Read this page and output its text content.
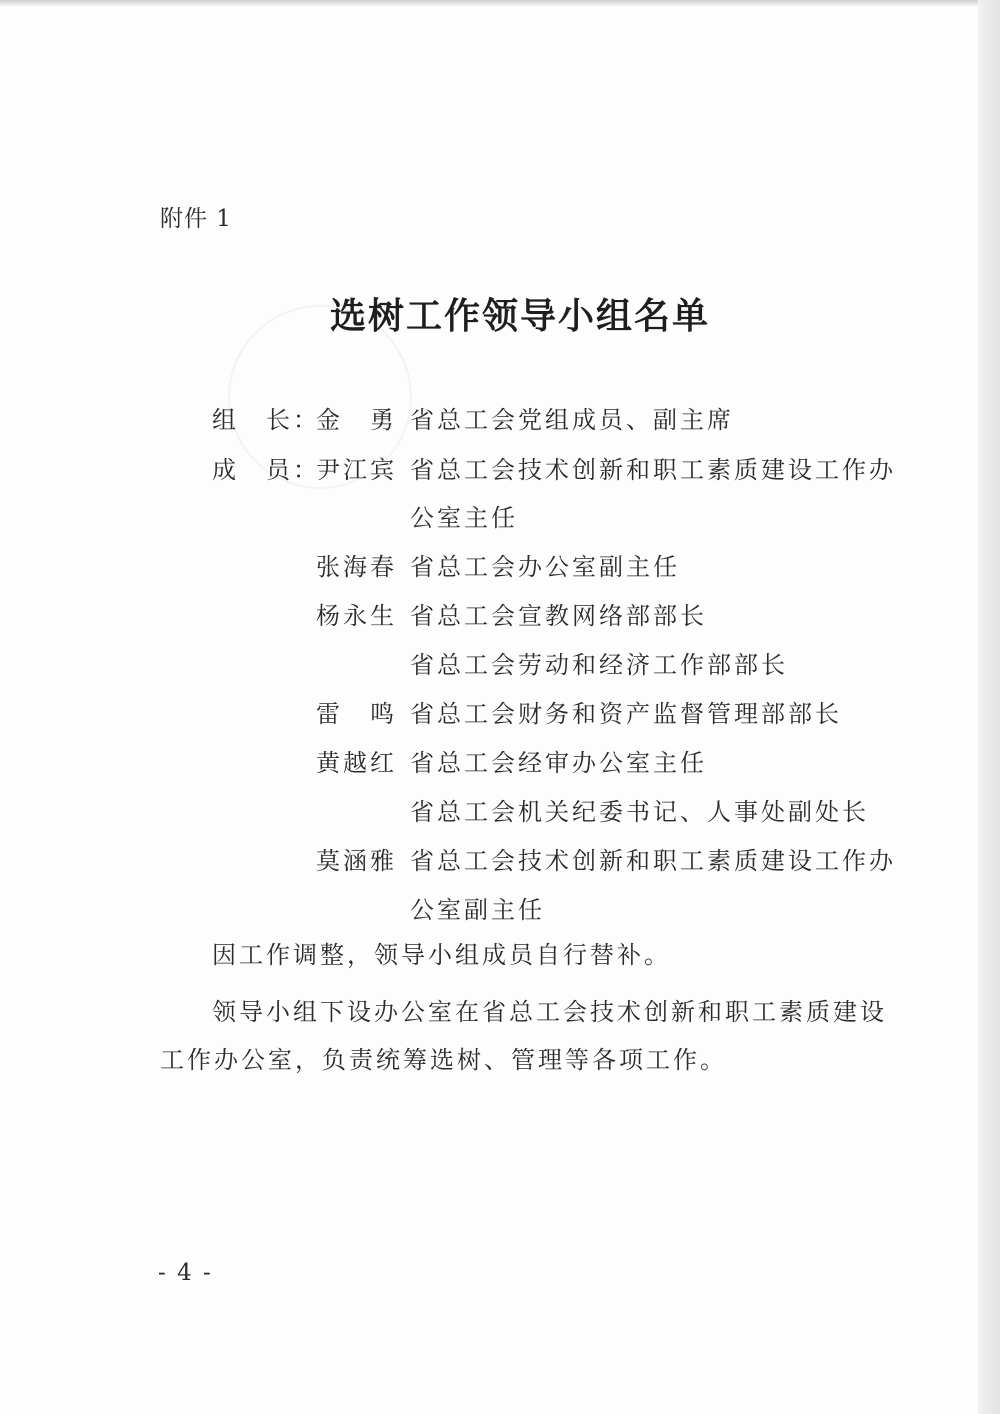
附件 1
选树工作领导小组名单
组　长：
金　勇 省总工会党组成员、副主席
成　员：
尹江宾 省总工会技术创新和职工素质建设工作办
公室主任
张海春 省总工会办公室副主任
杨永生 省总工会宣教网络部部长
省总工会劳动和经济工作部部长
雷　鸣 省总工会财务和资产监督管理部部长
黄越红 省总工会经审办公室主任
省总工会机关纪委书记、人事处副处长
莫涵雅 省总工会技术创新和职工素质建设工作办
公室副主任
因工作调整，领导小组成员自行替补。
领导小组下设办公室在省总工会技术创新和职工素质建设
工作办公室，负责统筹选树、管理等各项工作。
- 4 -
